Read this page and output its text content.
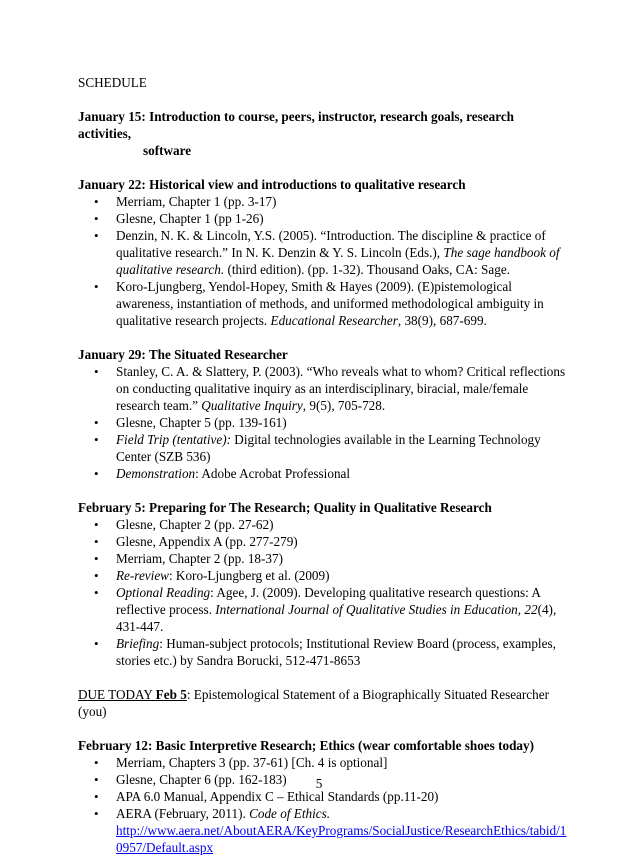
SCHEDULE
January 15: Introduction to course, peers, instructor, research goals, research activities,
software
January 22: Historical view and introductions to qualitative research
• Merriam, Chapter 1 (pp. 3-17)
• Glesne, Chapter 1 (pp 1-26)
• Denzin, N. K. & Lincoln, Y.S. (2005). “Introduction. The discipline & practice of qualitative research.” In N. K. Denzin & Y. S. Lincoln (Eds.), The sage handbook of qualitative research. (third edition). (pp. 1-32). Thousand Oaks, CA: Sage.
• Koro-Ljungberg, Yendol-Hopey, Smith & Hayes (2009). (E)pistemological awareness, instantiation of methods, and uniformed methodological ambiguity in qualitative research projects. Educational Researcher, 38(9), 687-699.
January 29: The Situated Researcher
• Stanley, C. A. & Slattery, P. (2003). “Who reveals what to whom? Critical reflections on conducting qualitative inquiry as an interdisciplinary, biracial, male/female research team.” Qualitative Inquiry, 9(5), 705-728.
• Glesne, Chapter 5 (pp. 139-161)
• Field Trip (tentative): Digital technologies available in the Learning Technology Center (SZB 536)
• Demonstration: Adobe Acrobat Professional
February 5: Preparing for The Research; Quality in Qualitative Research
• Glesne, Chapter 2 (pp. 27-62)
• Glesne, Appendix A (pp. 277-279)
• Merriam, Chapter 2 (pp. 18-37)
• Re-review: Koro-Ljungberg et al. (2009)
• Optional Reading: Agee, J. (2009). Developing qualitative research questions: A reflective process. International Journal of Qualitative Studies in Education, 22(4), 431-447.
• Briefing: Human-subject protocols; Institutional Review Board (process, examples, stories etc.) by Sandra Borucki, 512-471-8653
DUE TODAY Feb 5: Epistemological Statement of a Biographically Situated Researcher (you)
February 12: Basic Interpretive Research; Ethics (wear comfortable shoes today)
• Merriam, Chapters 3 (pp. 37-61) [Ch. 4 is optional]
• Glesne, Chapter 6 (pp. 162-183)
• APA 6.0 Manual, Appendix C – Ethical Standards (pp.11-20)
• AERA (February, 2011). Code of Ethics.
http://www.aera.net/AboutAERA/KeyPrograms/SocialJustice/ResearchEthics/tabid/10957/Default.aspx
5
